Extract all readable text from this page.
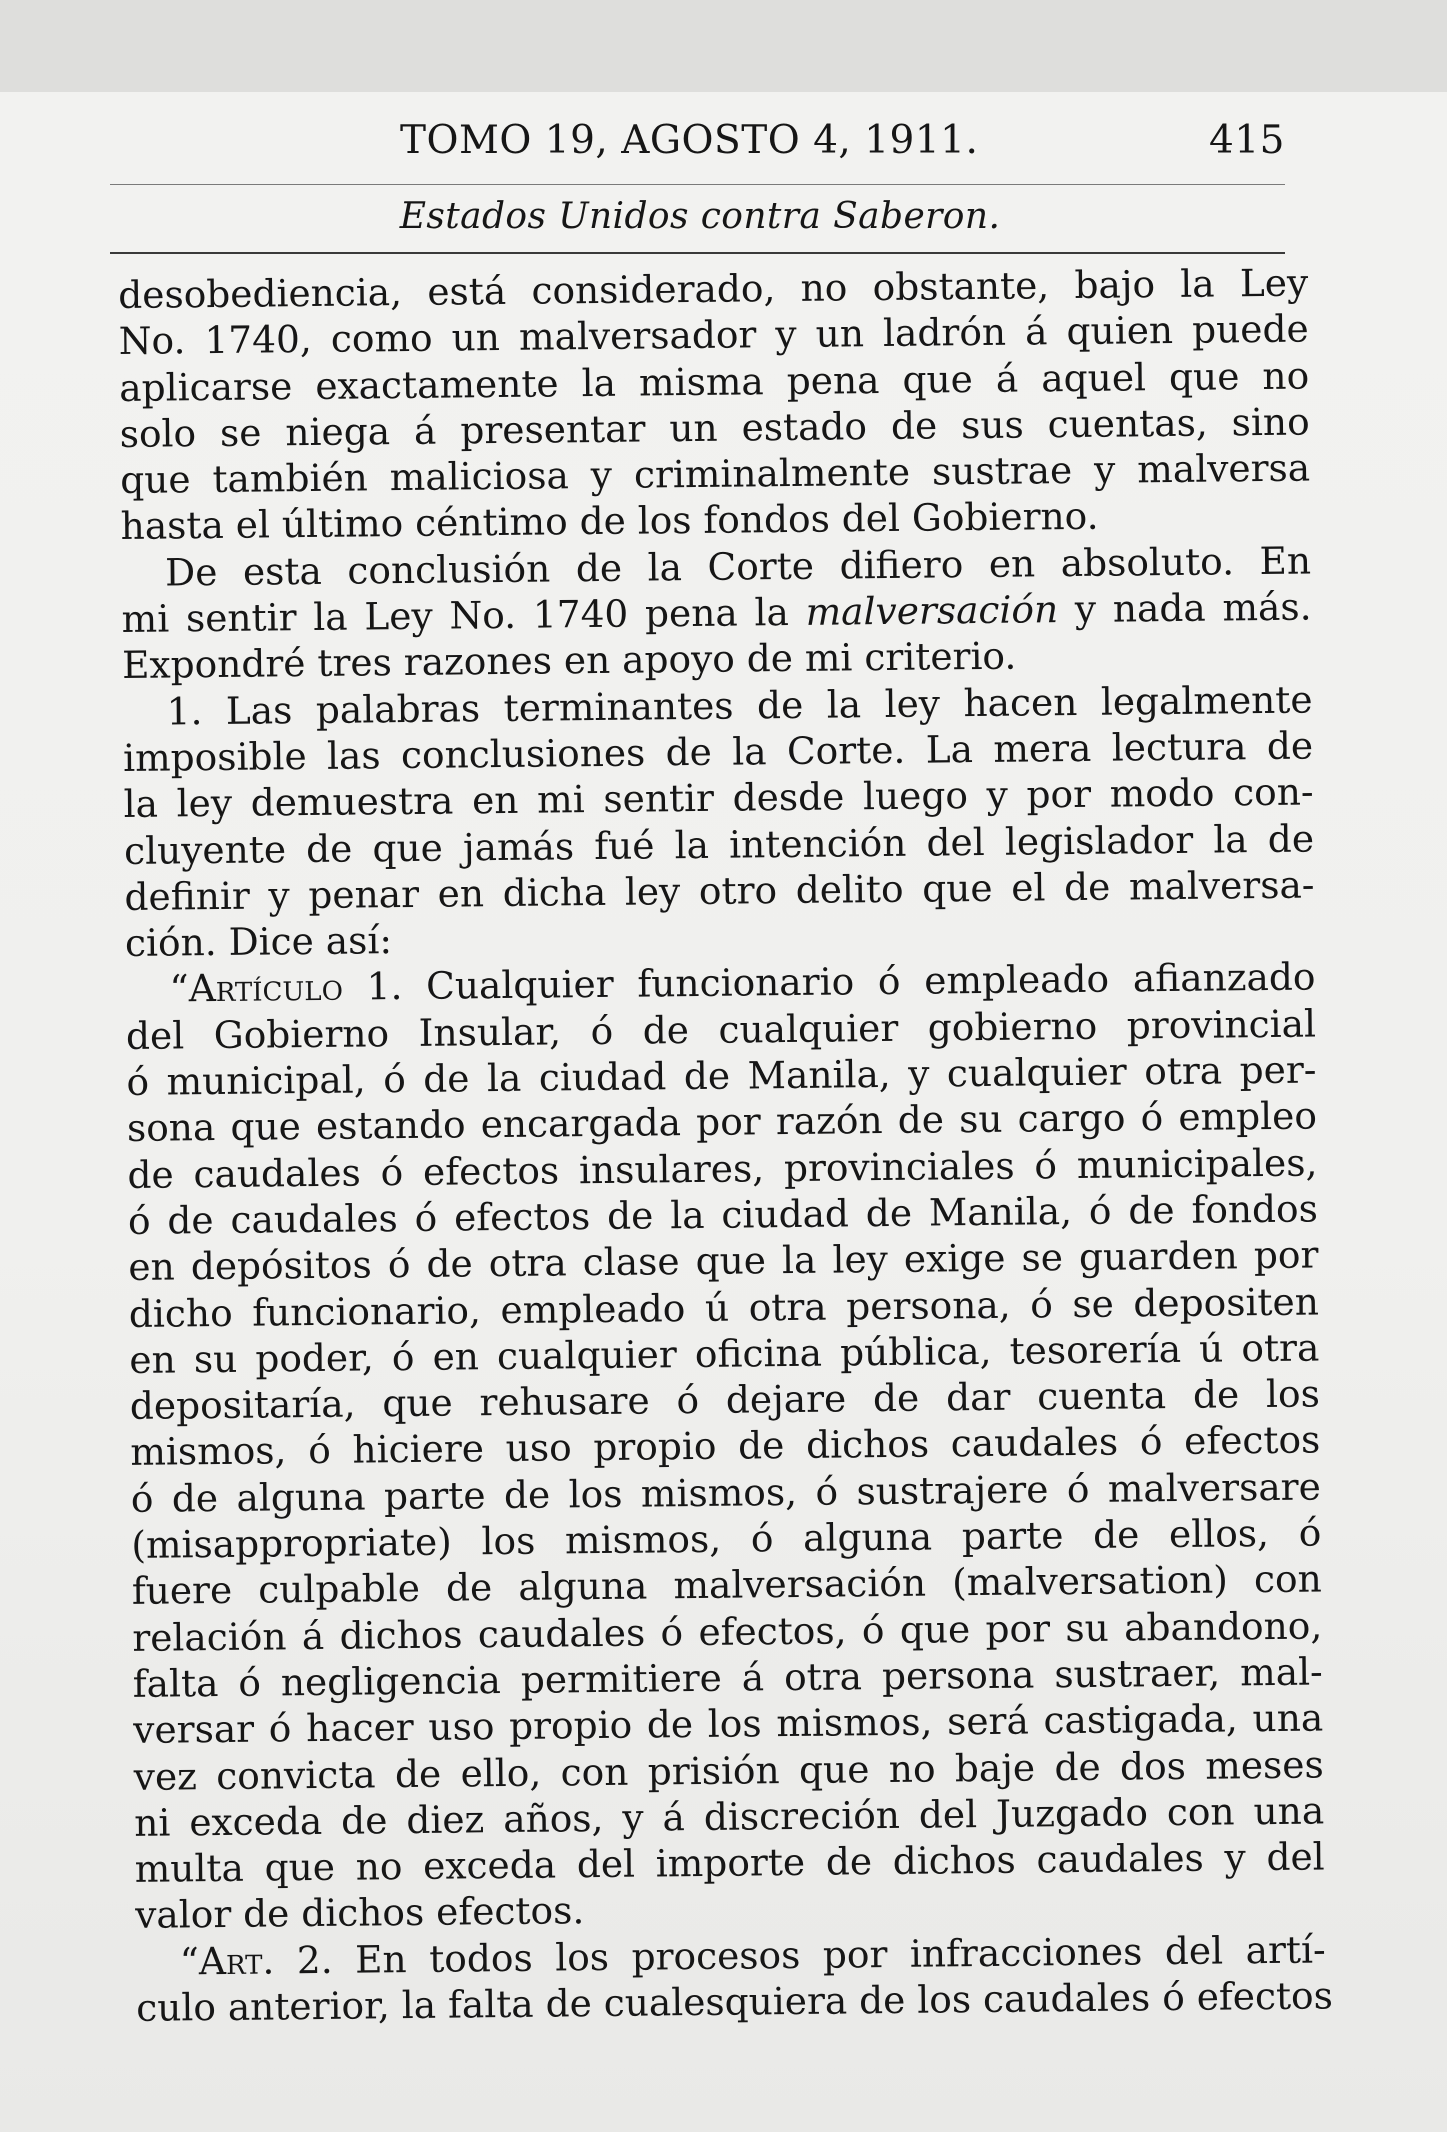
TOMO 19, AGOSTO 4, 1911.	415
Estados Unidos contra Saberon.
desobediencia, está considerado, no obstante, bajo la Ley
No. 1740, como un malversador y un ladrón á quien puede
aplicarse exactamente la misma pena que á aquel que no
solo se niega á presentar un estado de sus cuentas, sino
que también maliciosa y criminalmente sustrae y malversa
hasta el último céntimo de los fondos del Gobierno.
De esta conclusión de la Corte difiero en absoluto. En
mi sentir la Ley No. 1740 pena la malversación y nada más.
Expondré tres razones en apoyo de mi criterio.
1. Las palabras terminantes de la ley hacen legalmente
imposible las conclusiones de la Corte. La mera lectura de
la ley demuestra en mi sentir desde luego y por modo con-
cluyente de que jamás fué la intención del legislador la de
definir y penar en dicha ley otro delito que el de malversa-
ción. Dice así:
“Artículo 1. Cualquier funcionario ó empleado afianzado
del Gobierno Insular, ó de cualquier gobierno provincial
ó municipal, ó de la ciudad de Manila, y cualquier otra per-
sona que estando encargada por razón de su cargo ó empleo
de caudales ó efectos insulares, provinciales ó municipales,
ó de caudales ó efectos de la ciudad de Manila, ó de fondos
en depósitos ó de otra clase que la ley exige se guarden por
dicho funcionario, empleado ú otra persona, ó se depositen
en su poder, ó en cualquier oficina pública, tesorería ú otra
depositaría, que rehusare ó dejare de dar cuenta de los
mismos, ó hiciere uso propio de dichos caudales ó efectos
ó de alguna parte de los mismos, ó sustrajere ó malversare
(misappropriate) los mismos, ó alguna parte de ellos, ó
fuere culpable de alguna malversación (malversation) con
relación á dichos caudales ó efectos, ó que por su abandono,
falta ó negligencia permitiere á otra persona sustraer, mal-
versar ó hacer uso propio de los mismos, será castigada, una
vez convicta de ello, con prisión que no baje de dos meses
ni exceda de diez años, y á discreción del Juzgado con una
multa que no exceda del importe de dichos caudales y del
valor de dichos efectos.
“Art. 2. En todos los procesos por infracciones del artí-
culo anterior, la falta de cualesquiera de los caudales ó efectos
